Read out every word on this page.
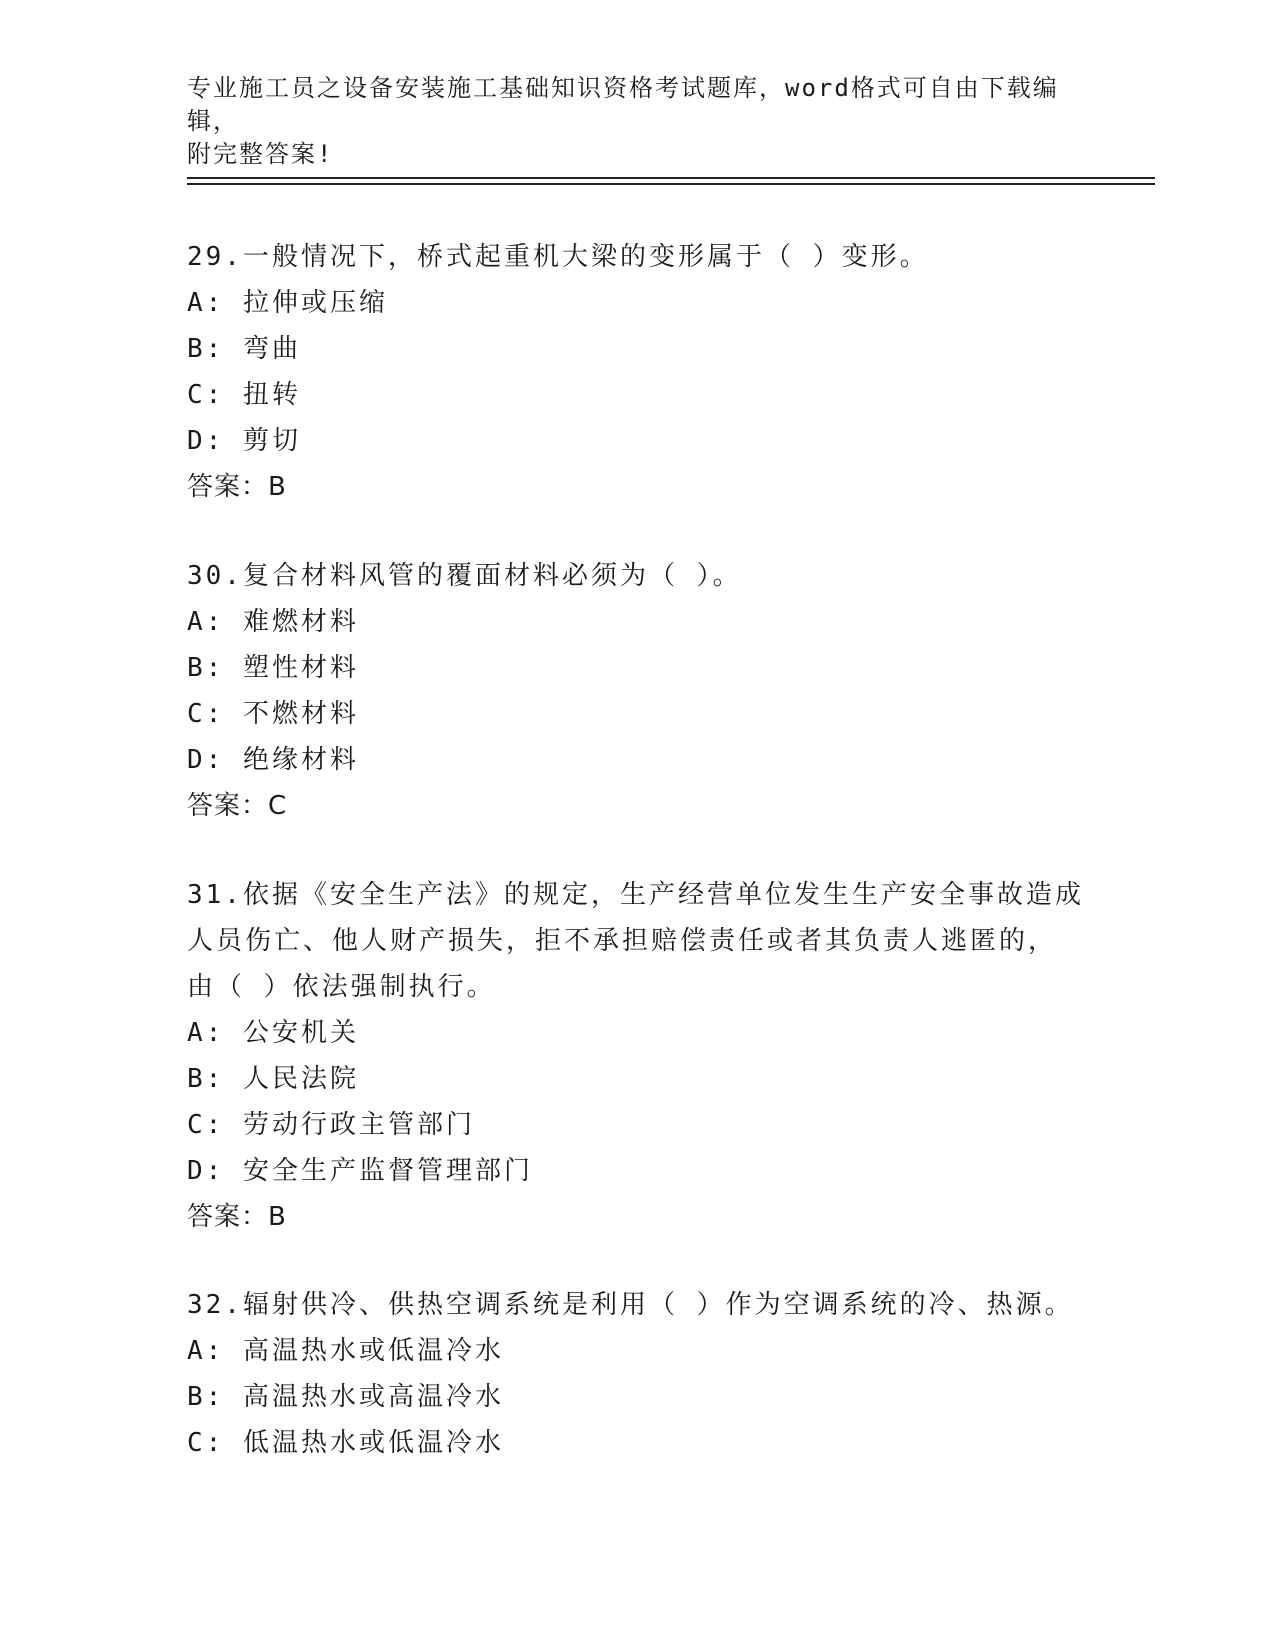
专业施工员之设备安装施工基础知识资格考试题库，word格式可自由下载编辑，
附完整答案!

29.一般情况下，桥式起重机大梁的变形属于（ ）变形。

A: 拉伸或压缩

B: 弯曲

C: 扭转

D: 剪切

答案：B

30.复合材料风管的覆面材料必须为（ ）。

A: 难燃材料

B: 塑性材料

C: 不燃材料

D: 绝缘材料

答案：C

31.依据《安全生产法》的规定，生产经营单位发生生产安全事故造成

人员伤亡、他人财产损失，拒不承担赔偿责任或者其负责人逃匿的，

由（ ）依法强制执行。

A: 公安机关

B: 人民法院

C: 劳动行政主管部门

D: 安全生产监督管理部门

答案：B

32.辐射供冷、供热空调系统是利用（ ）作为空调系统的冷、热源。

A: 高温热水或低温冷水

B: 高温热水或高温冷水

C: 低温热水或低温冷水
